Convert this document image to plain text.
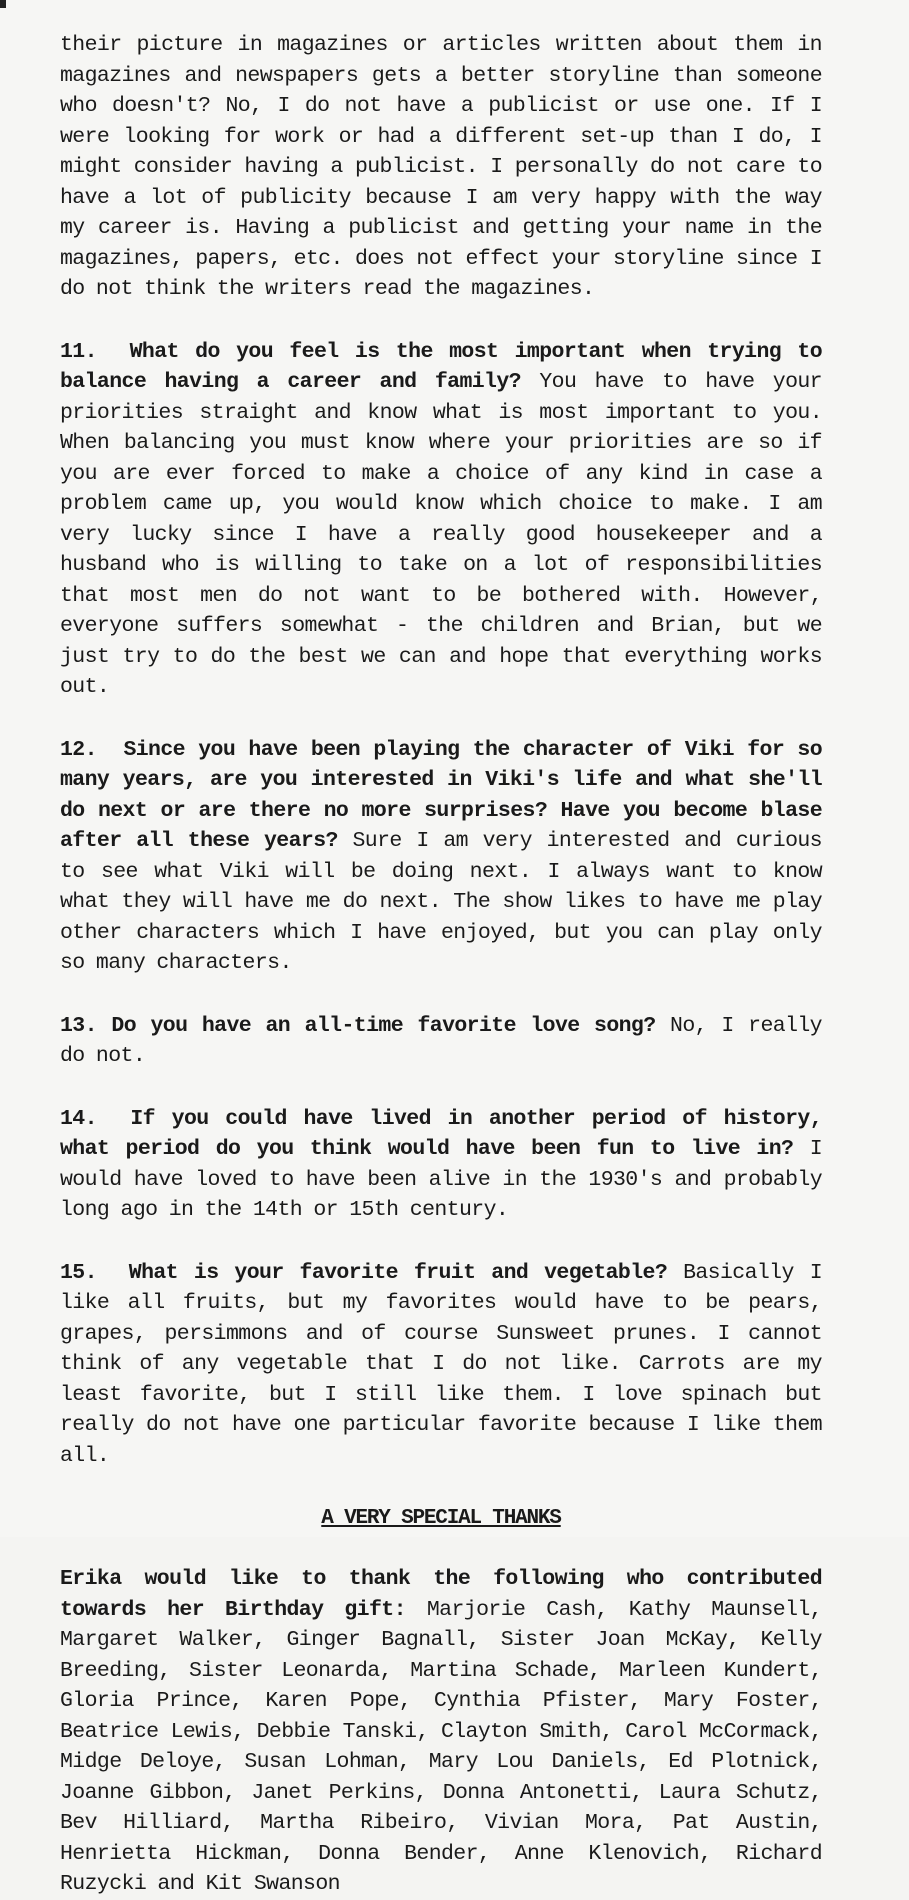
their picture in magazines or articles written about them in magazines and newspapers gets a better storyline than someone who doesn't? No, I do not have a publicist or use one. If I were looking for work or had a different set-up than I do, I might consider having a publicist. I personally do not care to have a lot of publicity because I am very happy with the way my career is. Having a publicist and getting your name in the magazines, papers, etc. does not effect your storyline since I do not think the writers read the magazines.

11. What do you feel is the most important when trying to balance having a career and family? You have to have your priorities straight and know what is most important to you. When balancing you must know where your priorities are so if you are ever forced to make a choice of any kind in case a problem came up, you would know which choice to make. I am very lucky since I have a really good housekeeper and a husband who is willing to take on a lot of responsibilities that most men do not want to be bothered with. However, everyone suffers somewhat - the children and Brian, but we just try to do the best we can and hope that everything works out.

12. Since you have been playing the character of Viki for so many years, are you interested in Viki's life and what she'll do next or are there no more surprises? Have you become blase after all these years? Sure I am very interested and curious to see what Viki will be doing next. I always want to know what they will have me do next. The show likes to have me play other characters which I have enjoyed, but you can play only so many characters.

13. Do you have an all-time favorite love song? No, I really do not.

14. If you could have lived in another period of history, what period do you think would have been fun to live in? I would have loved to have been alive in the 1930's and probably long ago in the 14th or 15th century.

15. What is your favorite fruit and vegetable? Basically I like all fruits, but my favorites would have to be pears, grapes, persimmons and of course Sunsweet prunes. I cannot think of any vegetable that I do not like. Carrots are my least favorite, but I still like them. I love spinach but really do not have one particular favorite because I like them all.

A VERY SPECIAL THANKS

Erika would like to thank the following who contributed towards her Birthday gift: Marjorie Cash, Kathy Maunsell, Margaret Walker, Ginger Bagnall, Sister Joan McKay, Kelly Breeding, Sister Leonarda, Martina Schade, Marleen Kundert, Gloria Prince, Karen Pope, Cynthia Pfister, Mary Foster, Beatrice Lewis, Debbie Tanski, Clayton Smith, Carol McCormack, Midge Deloye, Susan Lohman, Mary Lou Daniels, Ed Plotnick, Joanne Gibbon, Janet Perkins, Donna Antonetti, Laura Schutz, Bev Hilliard, Martha Ribeiro, Vivian Mora, Pat Austin, Henrietta Hickman, Donna Bender, Anne Klenovich, Richard Ruzycki and Kit Swanson
